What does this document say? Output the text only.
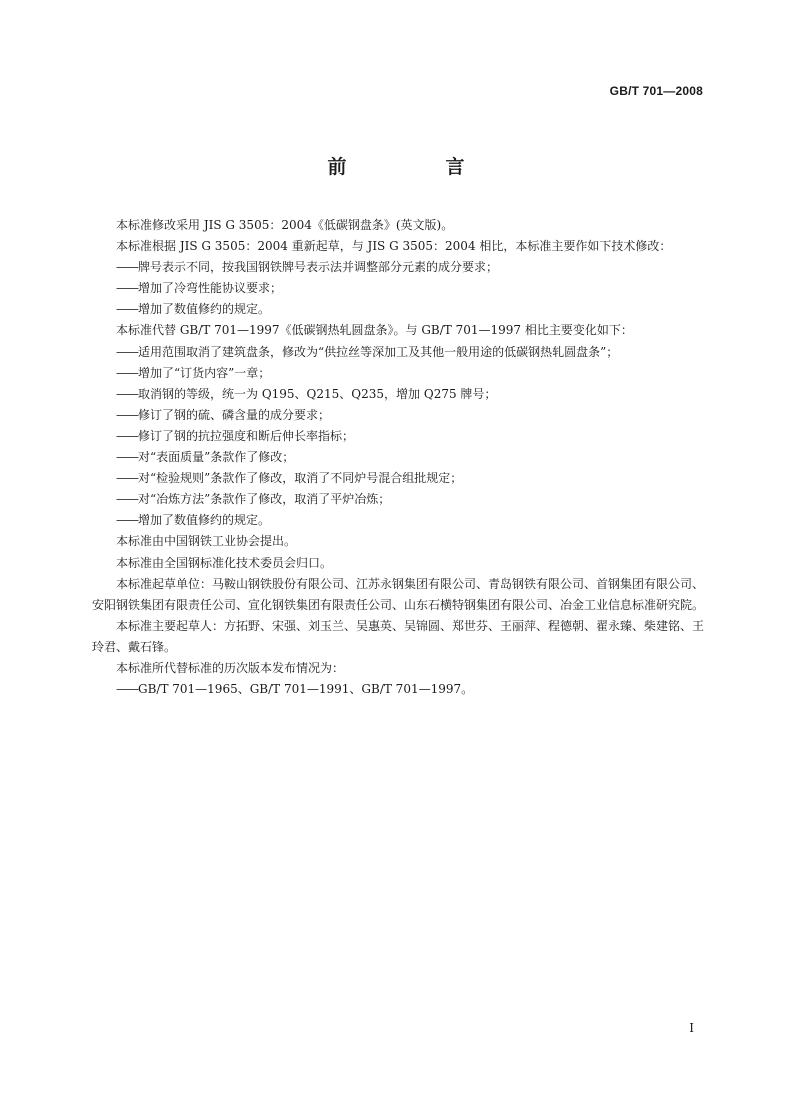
GB/T 701—2008
前　言

本标准修改采用 JIS G 3505：2004《低碳钢盘条》(英文版)。

本标准根据 JIS G 3505：2004 重新起草，与 JIS G 3505：2004 相比，本标准主要作如下技术修改：

——牌号表示不同，按我国钢铁牌号表示法并调整部分元素的成分要求；

——增加了冷弯性能协议要求；

——增加了数值修约的规定。

本标准代替 GB/T 701—1997《低碳钢热轧圆盘条》。与 GB/T 701—1997 相比主要变化如下：

——适用范围取消了建筑盘条，修改为“供拉丝等深加工及其他一般用途的低碳钢热轧圆盘条”；

——增加了“订货内容”一章；

——取消钢的等级，统一为 Q195、Q215、Q235，增加 Q275 牌号；

——修订了钢的硫、磷含量的成分要求；

——修订了钢的抗拉强度和断后伸长率指标；

——对“表面质量”条款作了修改；

——对“检验规则”条款作了修改，取消了不同炉号混合组批规定；

——对“冶炼方法”条款作了修改，取消了平炉冶炼；

——增加了数值修约的规定。

本标准由中国钢铁工业协会提出。

本标准由全国钢标准化技术委员会归口。

本标准起草单位：马鞍山钢铁股份有限公司、江苏永钢集团有限公司、青岛钢铁有限公司、首钢集团有限公司、安阳钢铁集团有限责任公司、宣化钢铁集团有限责任公司、山东石横特钢集团有限公司、冶金工业信息标准研究院。

本标准主要起草人：方拓野、宋强、刘玉兰、吴惠英、吴锦圆、郑世芬、王丽萍、程德朝、翟永臻、柴建铭、王玲君、戴石锋。

本标准所代替标准的历次版本发布情况为：

——GB/T 701—1965、GB/T 701—1991、GB/T 701—1997。

I
